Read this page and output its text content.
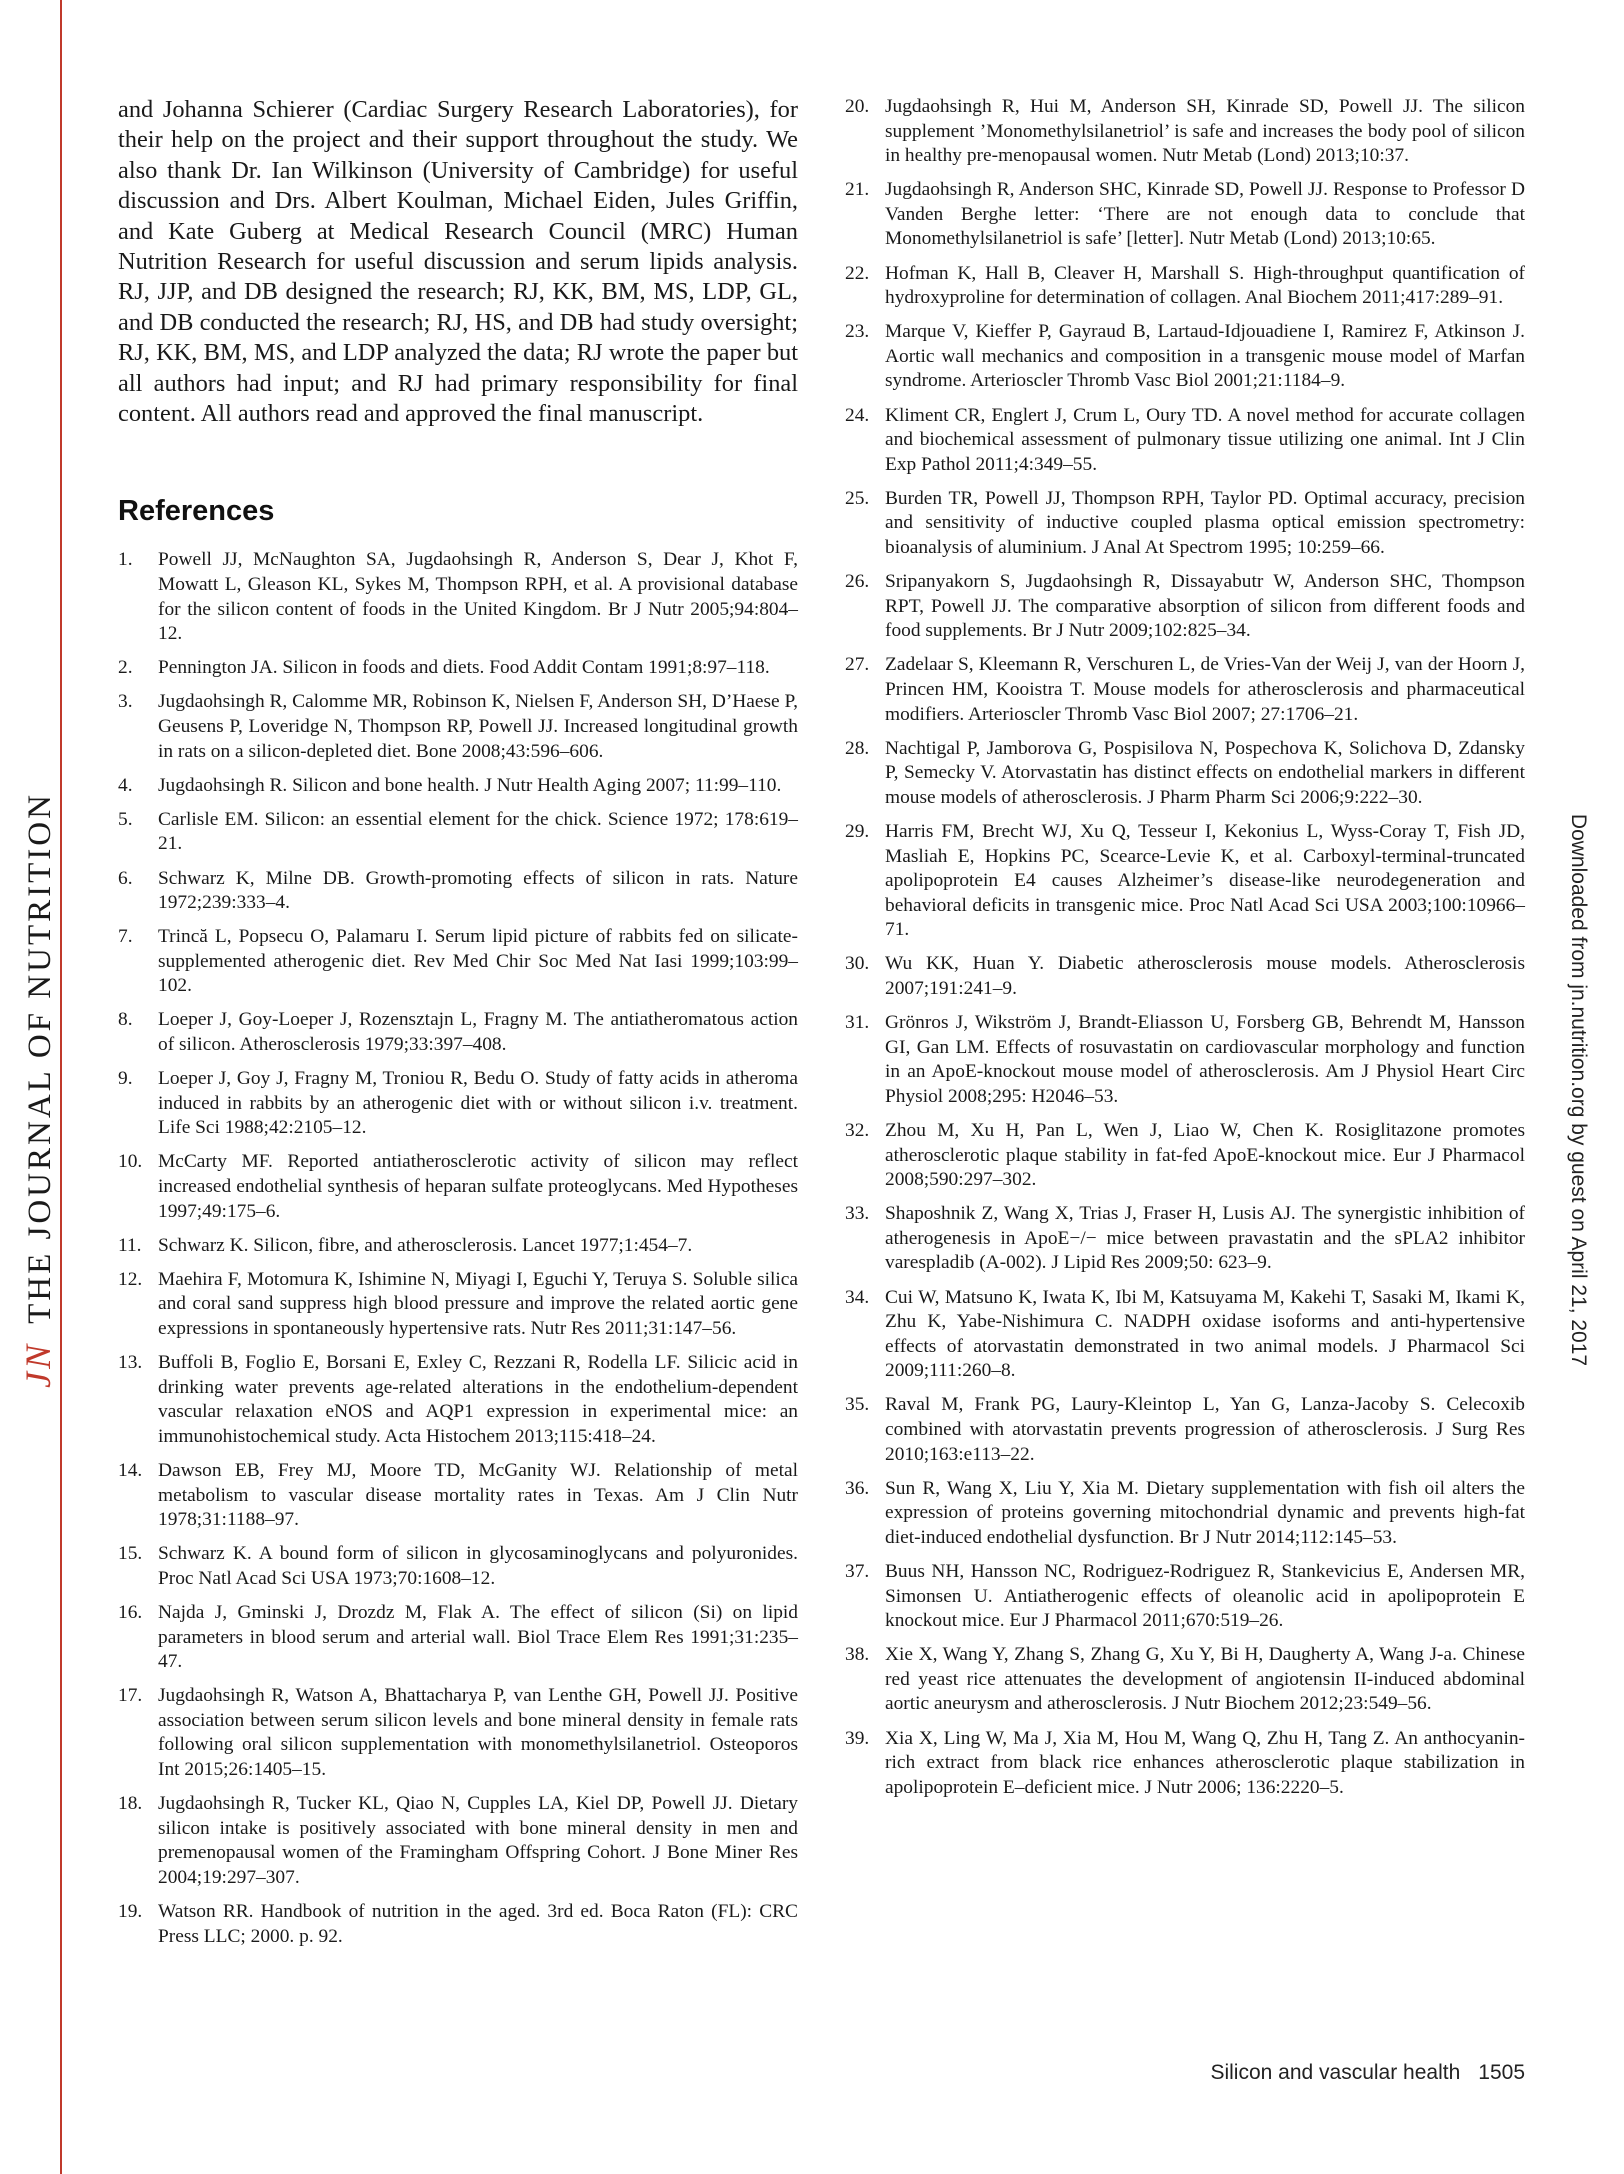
JNTHE JOURNAL OF NUTRITION	Downloaded from jn.nutrition.org by guest on April 21, 2017

and Johanna Schierer (Cardiac Surgery Research Laboratories), for their help on the project and their support throughout the study. We also thank Dr. Ian Wilkinson (University of Cambridge) for useful discussion and Drs. Albert Koulman, Michael Eiden, Jules Griffin, and Kate Guberg at Medical Research Council (MRC) Human Nutrition Research for useful discussion and serum lipids analysis. RJ, JJP, and DB designed the research; RJ, KK, BM, MS, LDP, GL, and DB conducted the research; RJ, HS, and DB had study oversight; RJ, KK, BM, MS, and LDP analyzed the data; RJ wrote the paper but all authors had input; and RJ had primary responsibility for final content. All authors read and approved the final manuscript.

References
1.	Powell JJ, McNaughton SA, Jugdaohsingh R, Anderson S, Dear J, Khot F, Mowatt L, Gleason KL, Sykes M, Thompson RPH, et al. A provisional database for the silicon content of foods in the United Kingdom. Br J Nutr 2005;94:804–12.
2.	Pennington JA. Silicon in foods and diets. Food Addit Contam 1991;8:97–118.
3.	Jugdaohsingh R, Calomme MR, Robinson K, Nielsen F, Anderson SH, D’Haese P, Geusens P, Loveridge N, Thompson RP, Powell JJ. Increased longitudinal growth in rats on a silicon-depleted diet. Bone 2008;43:596–606.
4.	Jugdaohsingh R. Silicon and bone health. J Nutr Health Aging 2007; 11:99–110.
5.	Carlisle EM. Silicon: an essential element for the chick. Science 1972; 178:619–21.
6.	Schwarz K, Milne DB. Growth-promoting effects of silicon in rats. Nature 1972;239:333–4.
7.	Trincă L, Popsecu O, Palamaru I. Serum lipid picture of rabbits fed on silicate-supplemented atherogenic diet. Rev Med Chir Soc Med Nat Iasi 1999;103:99–102.
8.	Loeper J, Goy-Loeper J, Rozensztajn L, Fragny M. The antiatheromatous action of silicon. Atherosclerosis 1979;33:397–408.
9.	Loeper J, Goy J, Fragny M, Troniou R, Bedu O. Study of fatty acids in atheroma induced in rabbits by an atherogenic diet with or without silicon i.v. treatment. Life Sci 1988;42:2105–12.
10. McCarty MF. Reported antiatherosclerotic activity of silicon may reflect increased endothelial synthesis of heparan sulfate proteoglycans. Med Hypotheses 1997;49:175–6.
11. Schwarz K. Silicon, fibre, and atherosclerosis. Lancet 1977;1:454–7.
12. Maehira F, Motomura K, Ishimine N, Miyagi I, Eguchi Y, Teruya S. Soluble silica and coral sand suppress high blood pressure and improve the related aortic gene expressions in spontaneously hypertensive rats. Nutr Res 2011;31:147–56.
13. Buffoli B, Foglio E, Borsani E, Exley C, Rezzani R, Rodella LF. Silicic acid in drinking water prevents age-related alterations in the endothelium-dependent vascular relaxation eNOS and AQP1 expression in experimental mice: an immunohistochemical study. Acta Histochem 2013;115:418–24.
14. Dawson EB, Frey MJ, Moore TD, McGanity WJ. Relationship of metal metabolism to vascular disease mortality rates in Texas. Am J Clin Nutr 1978;31:1188–97.
15. Schwarz K. A bound form of silicon in glycosaminoglycans and polyuronides. Proc Natl Acad Sci USA 1973;70:1608–12.
16. Najda J, Gminski J, Drozdz M, Flak A. The effect of silicon (Si) on lipid parameters in blood serum and arterial wall. Biol Trace Elem Res 1991;31:235–47.
17. Jugdaohsingh R, Watson A, Bhattacharya P, van Lenthe GH, Powell JJ. Positive association between serum silicon levels and bone mineral density in female rats following oral silicon supplementation with monomethylsilanetriol. Osteoporos Int 2015;26:1405–15.
18. Jugdaohsingh R, Tucker KL, Qiao N, Cupples LA, Kiel DP, Powell JJ. Dietary silicon intake is positively associated with bone mineral density in men and premenopausal women of the Framingham Offspring Cohort. J Bone Miner Res 2004;19:297–307.
19. Watson RR. Handbook of nutrition in the aged. 3rd ed. Boca Raton (FL): CRC Press LLC; 2000. p. 92.
20. Jugdaohsingh R, Hui M, Anderson SH, Kinrade SD, Powell JJ. The silicon supplement ’Monomethylsilanetriol’ is safe and increases the body pool of silicon in healthy pre-menopausal women. Nutr Metab (Lond) 2013;10:37.
21. Jugdaohsingh R, Anderson SHC, Kinrade SD, Powell JJ. Response to Professor D Vanden Berghe letter: ‘There are not enough data to conclude that Monomethylsilanetriol is safe’ [letter]. Nutr Metab (Lond) 2013;10:65.
22. Hofman K, Hall B, Cleaver H, Marshall S. High-throughput quantification of hydroxyproline for determination of collagen. Anal Biochem 2011;417:289–91.
23. Marque V, Kieffer P, Gayraud B, Lartaud-Idjouadiene I, Ramirez F, Atkinson J. Aortic wall mechanics and composition in a transgenic mouse model of Marfan syndrome. Arterioscler Thromb Vasc Biol 2001;21:1184–9.
24. Kliment CR, Englert J, Crum L, Oury TD. A novel method for accurate collagen and biochemical assessment of pulmonary tissue utilizing one animal. Int J Clin Exp Pathol 2011;4:349–55.
25. Burden TR, Powell JJ, Thompson RPH, Taylor PD. Optimal accuracy, precision and sensitivity of inductive coupled plasma optical emission spectrometry: bioanalysis of aluminium. J Anal At Spectrom 1995; 10:259–66.
26. Sripanyakorn S, Jugdaohsingh R, Dissayabutr W, Anderson SHC, Thompson RPT, Powell JJ. The comparative absorption of silicon from different foods and food supplements. Br J Nutr 2009;102:825–34.
27. Zadelaar S, Kleemann R, Verschuren L, de Vries-Van der Weij J, van der Hoorn J, Princen HM, Kooistra T. Mouse models for atherosclerosis and pharmaceutical modifiers. Arterioscler Thromb Vasc Biol 2007; 27:1706–21.
28. Nachtigal P, Jamborova G, Pospisilova N, Pospechova K, Solichova D, Zdansky P, Semecky V. Atorvastatin has distinct effects on endothelial markers in different mouse models of atherosclerosis. J Pharm Pharm Sci 2006;9:222–30.
29. Harris FM, Brecht WJ, Xu Q, Tesseur I, Kekonius L, Wyss-Coray T, Fish JD, Masliah E, Hopkins PC, Scearce-Levie K, et al. Carboxyl-terminal-truncated apolipoprotein E4 causes Alzheimer’s disease-like neurodegeneration and behavioral deficits in transgenic mice. Proc Natl Acad Sci USA 2003;100:10966–71.
30. Wu KK, Huan Y. Diabetic atherosclerosis mouse models. Atherosclerosis 2007;191:241–9.
31. Grönros J, Wikström J, Brandt-Eliasson U, Forsberg GB, Behrendt M, Hansson GI, Gan LM. Effects of rosuvastatin on cardiovascular morphology and function in an ApoE-knockout mouse model of atherosclerosis. Am J Physiol Heart Circ Physiol 2008;295: H2046–53.
32. Zhou M, Xu H, Pan L, Wen J, Liao W, Chen K. Rosiglitazone promotes atherosclerotic plaque stability in fat-fed ApoE-knockout mice. Eur J Pharmacol 2008;590:297–302.
33. Shaposhnik Z, Wang X, Trias J, Fraser H, Lusis AJ. The synergistic inhibition of atherogenesis in ApoE−/− mice between pravastatin and the sPLA2 inhibitor varespladib (A-002). J Lipid Res 2009;50: 623–9.
34. Cui W, Matsuno K, Iwata K, Ibi M, Katsuyama M, Kakehi T, Sasaki M, Ikami K, Zhu K, Yabe-Nishimura C. NADPH oxidase isoforms and anti-hypertensive effects of atorvastatin demonstrated in two animal models. J Pharmacol Sci 2009;111:260–8.
35. Raval M, Frank PG, Laury-Kleintop L, Yan G, Lanza-Jacoby S. Celecoxib combined with atorvastatin prevents progression of atherosclerosis. J Surg Res 2010;163:e113–22.
36. Sun R, Wang X, Liu Y, Xia M. Dietary supplementation with fish oil alters the expression of proteins governing mitochondrial dynamic and prevents high-fat diet-induced endothelial dysfunction. Br J Nutr 2014;112:145–53.
37. Buus NH, Hansson NC, Rodriguez-Rodriguez R, Stankevicius E, Andersen MR, Simonsen U. Antiatherogenic effects of oleanolic acid in apolipoprotein E knockout mice. Eur J Pharmacol 2011;670:519–26.
38. Xie X, Wang Y, Zhang S, Zhang G, Xu Y, Bi H, Daugherty A, Wang J-a. Chinese red yeast rice attenuates the development of angiotensin II-induced abdominal aortic aneurysm and atherosclerosis. J Nutr Biochem 2012;23:549–56.
39. Xia X, Ling W, Ma J, Xia M, Hou M, Wang Q, Zhu H, Tang Z. An anthocyanin-rich extract from black rice enhances atherosclerotic plaque stabilization in apolipoprotein E–deficient mice. J Nutr 2006; 136:2220–5.
Silicon and vascular health 1505
